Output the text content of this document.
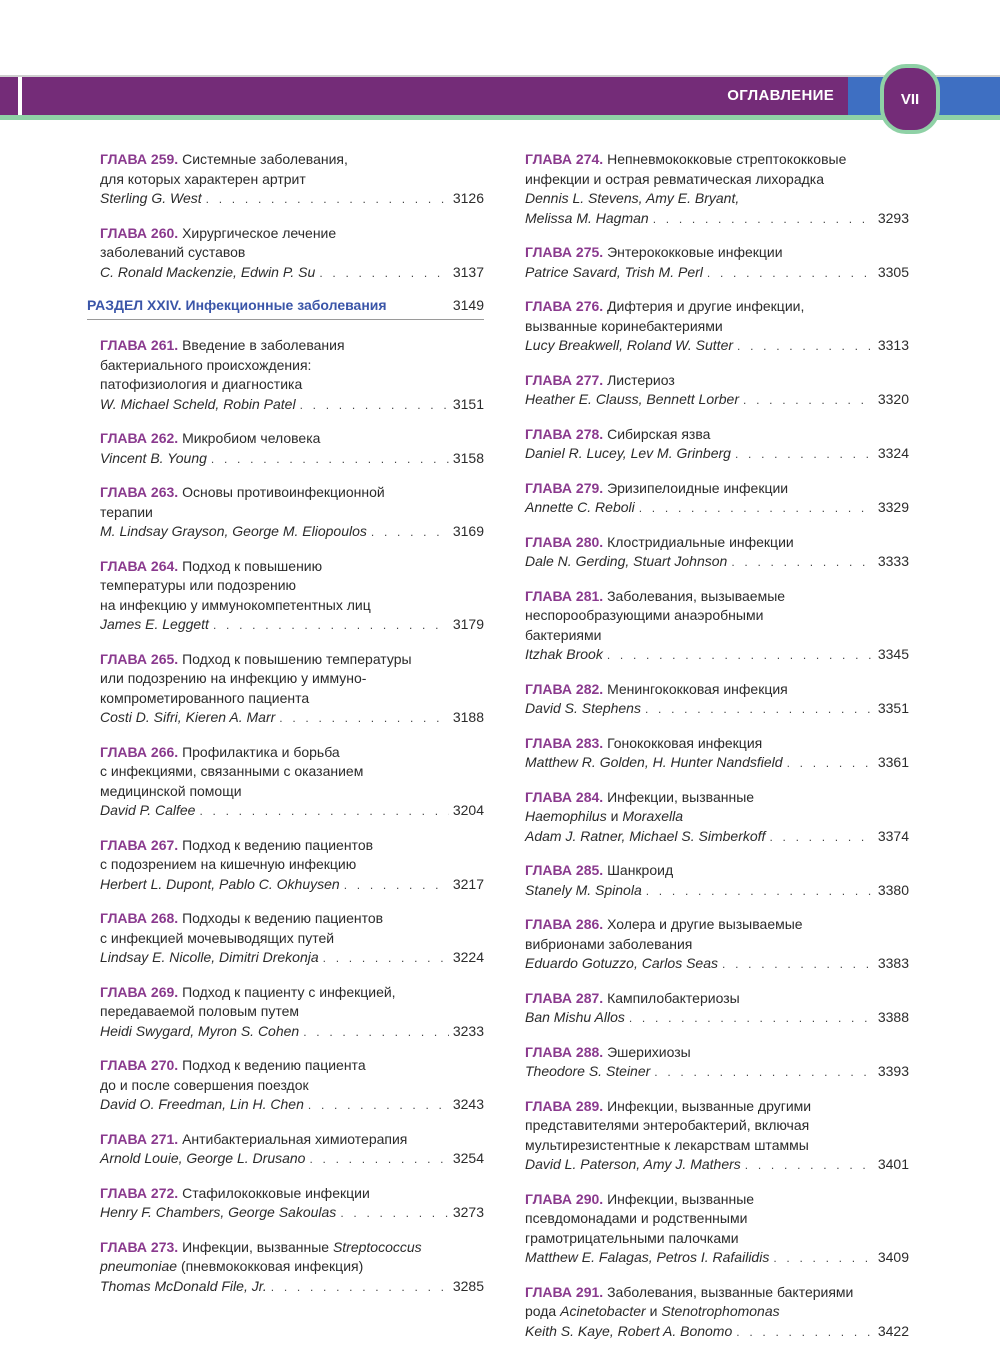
ОГЛАВЛЕНИЕ	VII
ГЛАВА 259. Системные заболевания,
для которых характерен артрит
Sterling G. West . . .	3126
ГЛАВА 260. Хирургическое лечение
заболеваний суставов
C. Ronald Mackenzie, Edwin P. Su . . .	3137
РАЗДЕЛ XXIV. Инфекционные заболевания	3149
ГЛАВА 261. Введение в заболевания
бактериального происхождения:
патофизиология и диагностика
W. Michael Scheld, Robin Patel . . .	3151
ГЛАВА 262. Микробиом человека
Vincent B. Young . . .	3158
ГЛАВА 263. Основы противоинфекционной
терапии
M. Lindsay Grayson, George M. Eliopoulos . . .	3169
ГЛАВА 264. Подход к повышению
температуры или подозрению
на инфекцию у иммунокомпетентных лиц
James E. Leggett . . .	3179
ГЛАВА 265. Подход к повышению температуры
или подозрению на инфекцию у иммуно-
компрометированного пациента
Costi D. Sifri, Kieren A. Marr . . .	3188
ГЛАВА 266. Профилактика и борьба
с инфекциями, связанными с оказанием
медицинской помощи
David P. Calfee . . .	3204
ГЛАВА 267. Подход к ведению пациентов
с подозрением на кишечную инфекцию
Herbert L. Dupont, Pablo C. Okhuysen . . .	3217
ГЛАВА 268. Подходы к ведению пациентов
с инфекцией мочевыводящих путей
Lindsay E. Nicolle, Dimitri Drekonja . . .	3224
ГЛАВА 269. Подход к пациенту с инфекцией,
передаваемой половым путем
Heidi Swygard, Myron S. Cohen . . .	3233
ГЛАВА 270. Подход к ведению пациента
до и после совершения поездок
David O. Freedman, Lin H. Chen . . .	3243
ГЛАВА 271. Антибактериальная химиотерапия
Arnold Louie, George L. Drusano . . .	3254
ГЛАВА 272. Стафилококковые инфекции
Henry F. Chambers, George Sakoulas . . .	3273
ГЛАВА 273. Инфекции, вызванные Streptococcus
pneumoniae (пневмококковая инфекция)
Thomas McDonald File, Jr. . . .	3285
ГЛАВА 274. Непневмококковые стрептококковые
инфекции и острая ревматическая лихорадка
Dennis L. Stevens, Amy E. Bryant,
Melissa M. Hagman . . .	3293
ГЛАВА 275. Энтерококковые инфекции
Patrice Savard, Trish M. Perl . . .	3305
ГЛАВА 276. Дифтерия и другие инфекции,
вызванные коринебактериями
Lucy Breakwell, Roland W. Sutter . . .	3313
ГЛАВА 277. Листериоз
Heather E. Clauss, Bennett Lorber . . .	3320
ГЛАВА 278. Сибирская язва
Daniel R. Lucey, Lev M. Grinberg . . .	3324
ГЛАВА 279. Эризипелоидные инфекции
Annette C. Reboli . . .	3329
ГЛАВА 280. Клостридиальные инфекции
Dale N. Gerding, Stuart Johnson . . .	3333
ГЛАВА 281. Заболевания, вызываемые
неспорообразующими анаэробными
бактериями
Itzhak Brook . . .	3345
ГЛАВА 282. Менингококковая инфекция
David S. Stephens . . .	3351
ГЛАВА 283. Гонококковая инфекция
Matthew R. Golden, H. Hunter Nandsfield . . .	3361
ГЛАВА 284. Инфекции, вызванные
Haemophilus и Moraxella
Adam J. Ratner, Michael S. Simberkoff . . .	3374
ГЛАВА 285. Шанкроид
Stanely M. Spinola . . .	3380
ГЛАВА 286. Холера и другие вызываемые
вибрионами заболевания
Eduardo Gotuzzo, Carlos Seas . . .	3383
ГЛАВА 287. Кампилобактериозы
Ban Mishu Allos . . .	3388
ГЛАВА 288. Эшерихиозы
Theodore S. Steiner . . .	3393
ГЛАВА 289. Инфекции, вызванные другими
представителями энтеробактерий, включая
мультирезистентные к лекарствам штаммы
David L. Paterson, Amy J. Mathers . . .	3401
ГЛАВА 290. Инфекции, вызванные
псевдомонадами и родственными
грамотрицательными палочками
Matthew E. Falagas, Petros I. Rafailidis . . .	3409
ГЛАВА 291. Заболевания, вызванные бактериями
рода Acinetobacter и Stenotrophomonas
Keith S. Kaye, Robert A. Bonomo . . .	3422
